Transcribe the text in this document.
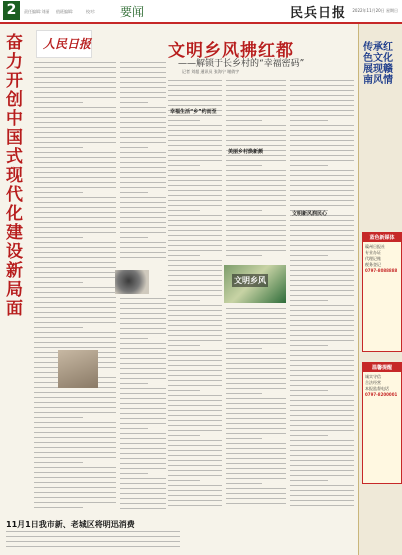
2	责任编辑:刘丽 值班编辑:	校对: 要闻	民兵日报 2022年11月20日 星期日
奋力开创中国式现代化建设新局面
人民日报	文明乡风拂红都
——解锁于长乡村的“幸福密码”
记者 刘超 通讯员 张海宁 谢倩宇
幸福生活“乡”约而至
美丽乡村焕新颜
文明新风润民心
文明乡风
传承红色文化 展现赣南风情
蓝色新媒体
赣州日报社
专业办证
代理记账
税务登记
0797-8088888
温馨提醒
诚实守信
合法经营
本报监督电话
0797-8200001
11月1日我市新、老城区将明迅消费
